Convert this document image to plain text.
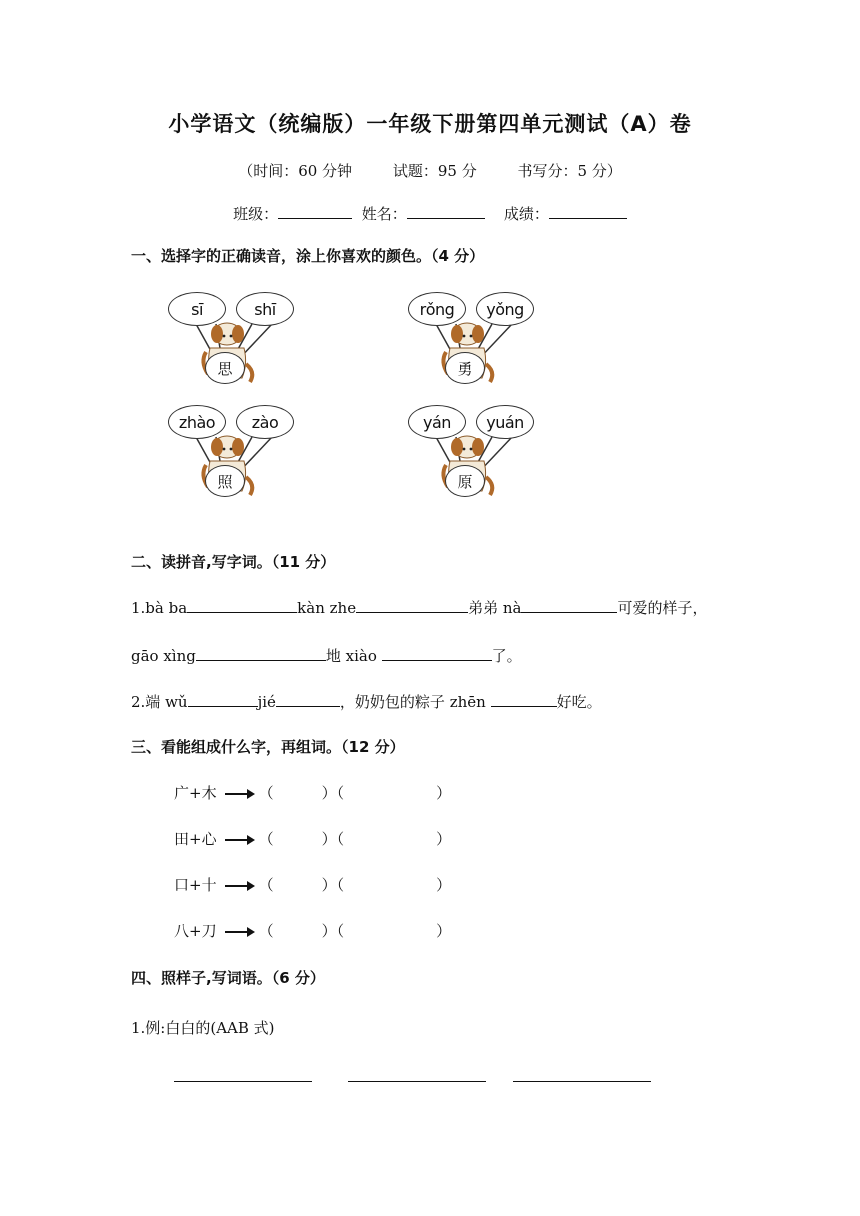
小学语文（统编版）一年级下册第四单元测试（A）卷
（时间：60 分钟	试题：95 分	书写分：5 分）
班级：	姓名：	成绩：
一、选择字的正确读音，涂上你喜欢的颜色。（4 分）
sī	shī
思
rǒng	yǒng
勇
zhào	zào
照
yán	yuán
原
二、读拼音,写字词。（11 分）
1.bà ba	kàn zhe	弟弟 nà	可爱的样子，
gāo xìng	地 xiào	了。
2.端 wǔ	jié	，奶奶包的粽子 zhēn	好吃。
三、看能组成什么字，再组词。（12 分）
广+木	（	）（	）
田+心	（	）（	）
口+十	（	）（	）
八+刀	（	）（	）
四、照样子,写词语。（6 分）
1.例:白白的(AAB 式)
